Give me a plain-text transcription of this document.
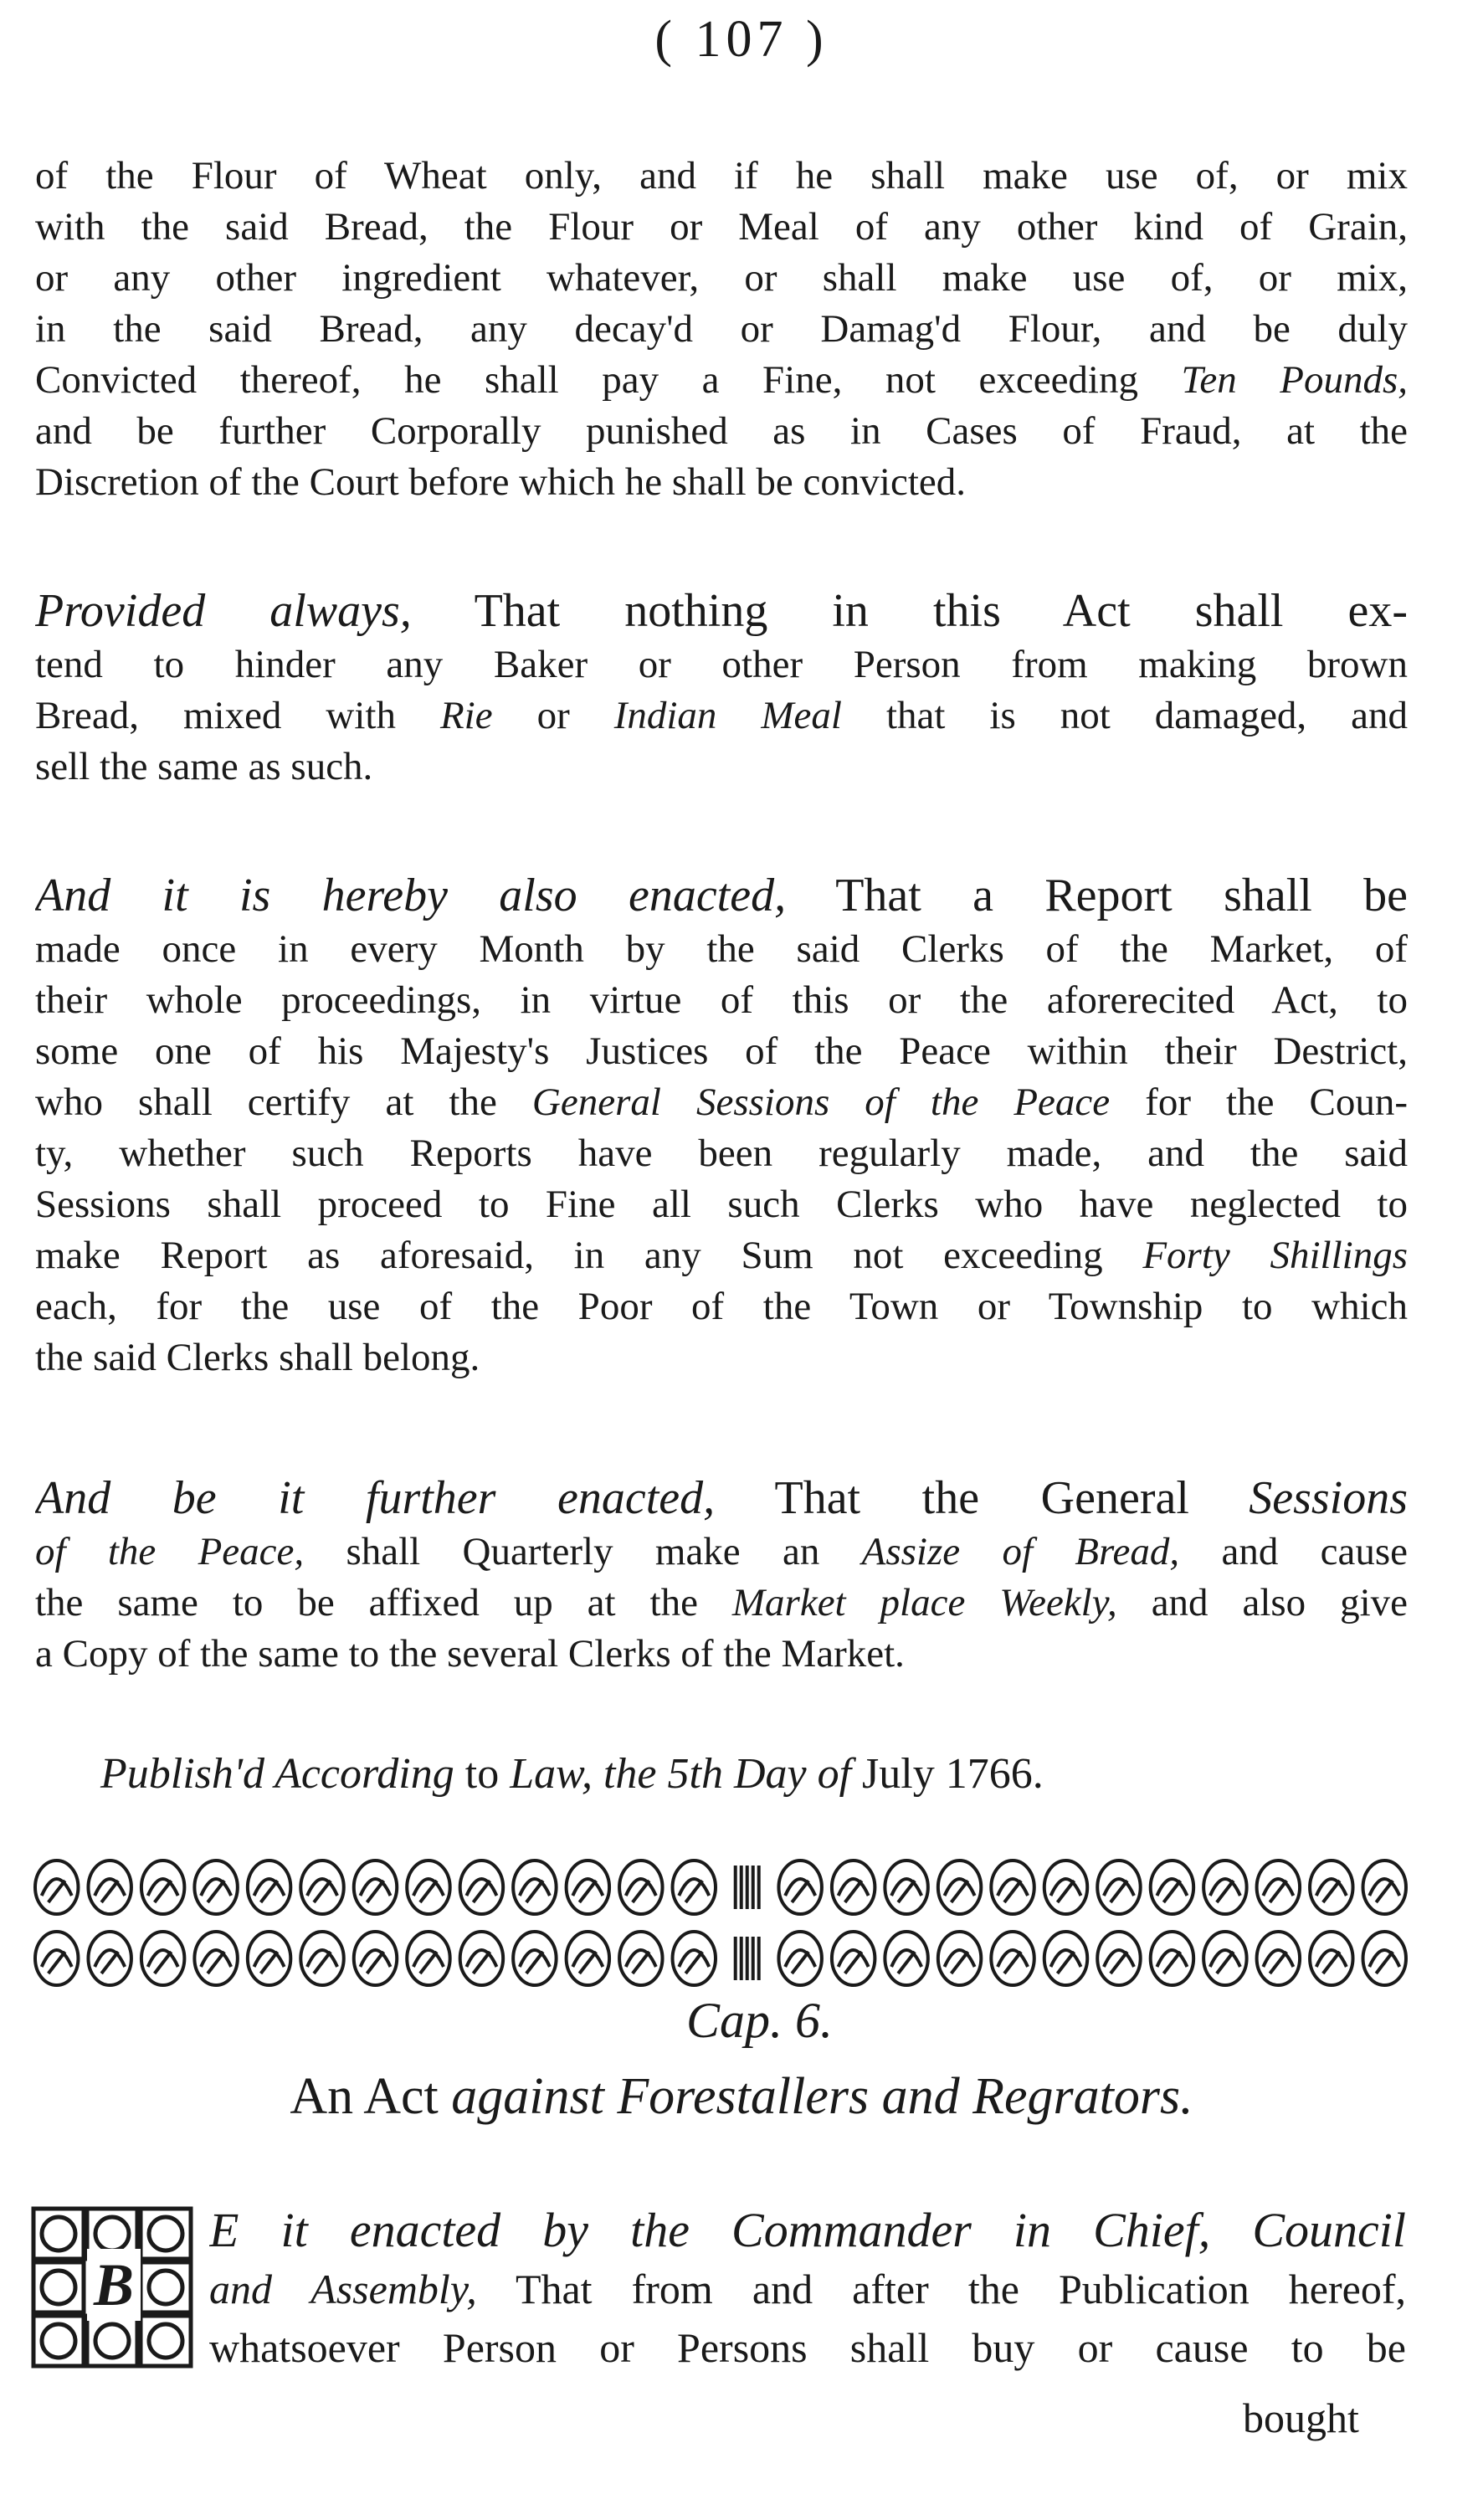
( 107 )
of the Flour of Wheat only, and if he shall make use of, or mix
with the said Bread, the Flour or Meal of any other kind of Grain,
or any other ingredient whatever, or shall make use of, or mix,
in the said Bread, any decay'd or Damag'd Flour, and be duly
Convicted thereof, he shall pay a Fine, not exceeding Ten Pounds,
and be further Corporally punished as in Cases of Fraud, at the
Discretion of the Court before which he shall be convicted.
Provided always, That nothing in this Act shall ex-
tend to hinder any Baker or other Person from making brown
Bread, mixed with Rie or Indian Meal that is not damaged, and
sell the same as such.
And it is hereby also enacted, That a Report shall be
made once in every Month by the said Clerks of the Market, of
their whole proceedings, in virtue of this or the aforerecited Act, to
some one of his Majesty's Justices of the Peace within their Destrict,
who shall certify at the General Sessions of the Peace for the Coun-
ty, whether such Reports have been regularly made, and the said
Sessions shall proceed to Fine all such Clerks who have neglected to
make Report as aforesaid, in any Sum not exceeding Forty Shillings
each, for the use of the Poor of the Town or Township to which
the said Clerks shall belong.
And be it further enacted, That the General Sessions
of the Peace, shall Quarterly make an Assize of Bread, and cause
the same to be affixed up at the Market place Weekly, and also give
a Copy of the same to the several Clerks of the Market.
Publish'd According to Law, the 5th Day of July 1766.
Cap. 6.
An Act against Forestallers and Regrators.
B
E it enacted by the Commander in Chief, Council
and Assembly, That from and after the Publication hereof,
whatsoever Person or Persons shall buy or cause to be
bought
